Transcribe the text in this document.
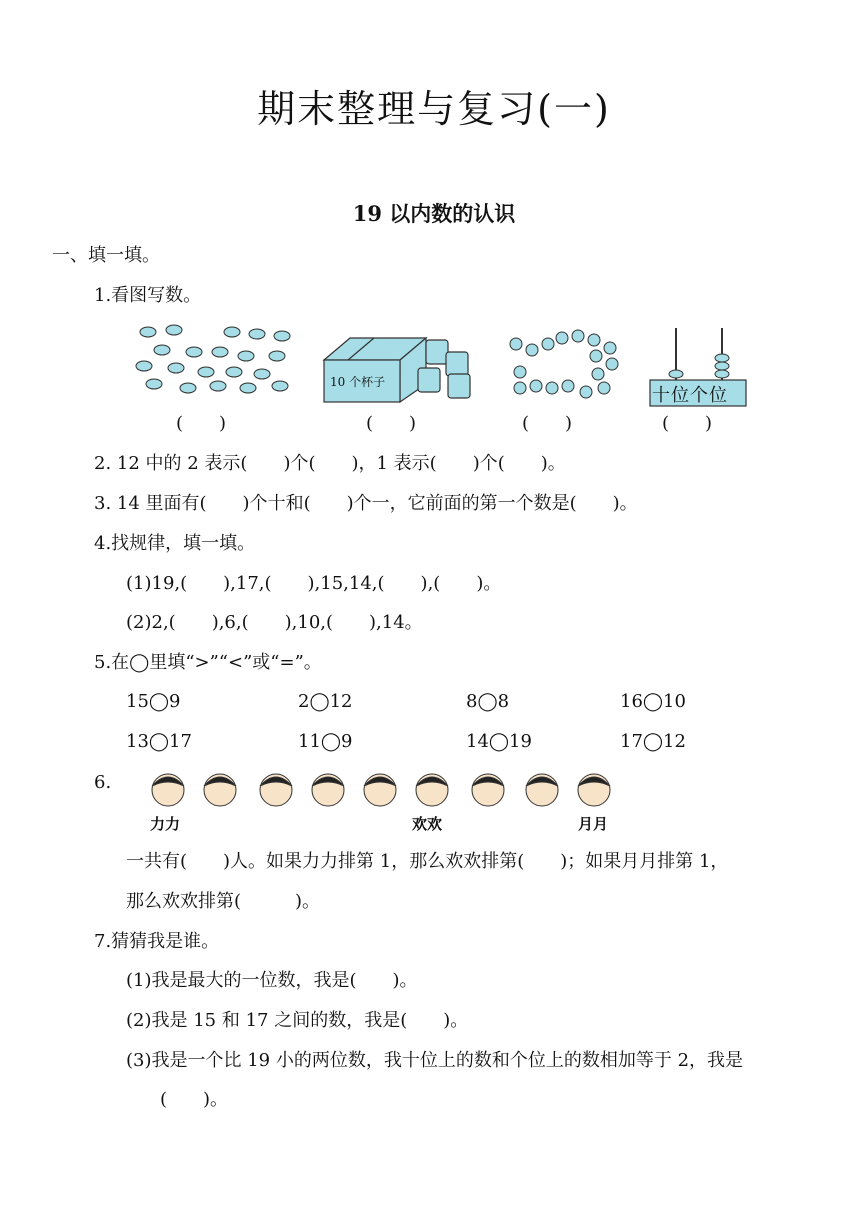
期末整理与复习(一)
19 以内数的认识
一、填一填。
1.看图写数。
10 个杯子
十位个位
(　　)	(　　)	(　　)	(　　)
2. 12 中的 2 表示(　　)个(　　)，1 表示(　　)个(　　)。
3. 14 里面有(　　)个十和(　　)个一，它前面的第一个数是(　　)。
4.找规律，填一填。
(1)19,(　　),17,(　　),15,14,(　　),(　　)。
(2)2,(　　),6,(　　),10,(　　),14。
5.在◯里填“>”“<”或“=”。
15◯9	2◯12	8◯8	16◯10
13◯17	11◯9	14◯19	17◯12
6.
力力	欢欢	月月
一共有(　　)人。如果力力排第 1，那么欢欢排第(　　)；如果月月排第 1，
那么欢欢排第(　　　)。
7.猜猜我是谁。
(1)我是最大的一位数，我是(　　)。
(2)我是 15 和 17 之间的数，我是(　　)。
(3)我是一个比 19 小的两位数，我十位上的数和个位上的数相加等于 2，我是
(　　)。
